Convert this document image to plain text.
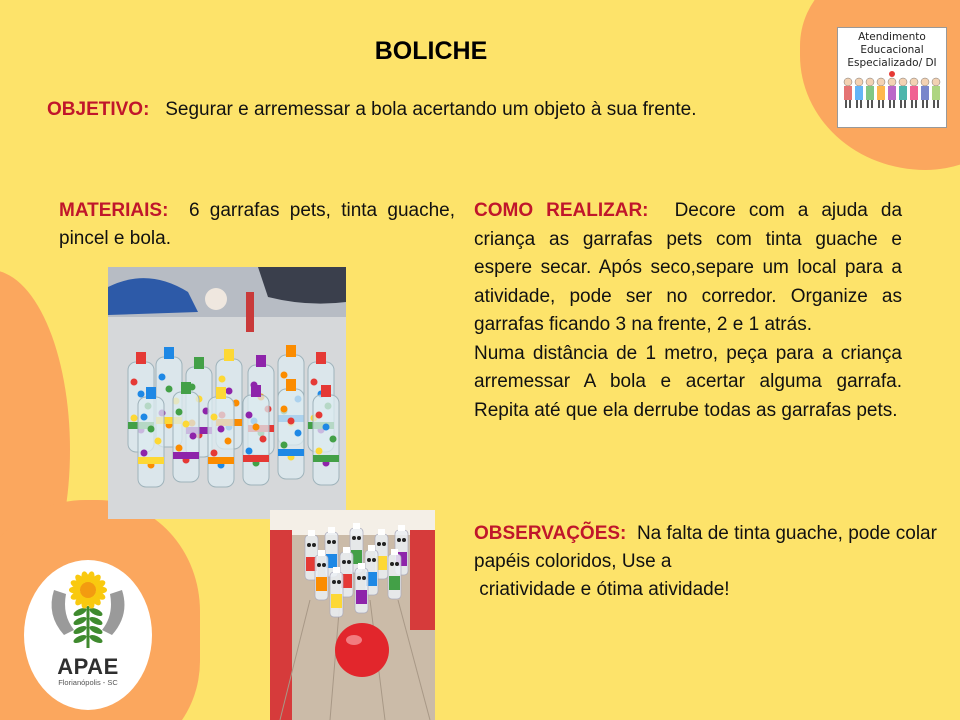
BOLICHE
OBJETIVO: Segurar e arremessar a bola acertando um objeto à sua frente.
MATERIAIS: 6 garrafas pets, tinta guache, pincel e bola.

COMO REALIZAR: Decore com a ajuda da criança as garrafas pets com tinta guache e espere secar. Após seco,separe um local para a atividade, pode ser no corredor. Organize as garrafas ficando 3 na frente, 2 e 1 atrás.

Numa distância de 1 metro, peça para a criança arremessar A bola e acertar alguma garrafa. Repita até que ela derrube todas as garrafas pets.

OBSERVAÇÕES: Na falta de tinta guache, pode colar papéis coloridos, Use a

criatividade e ótima atividade!

Atendimento
Educacional
Especializado/ DI
APAE
Florianópolis - SC
